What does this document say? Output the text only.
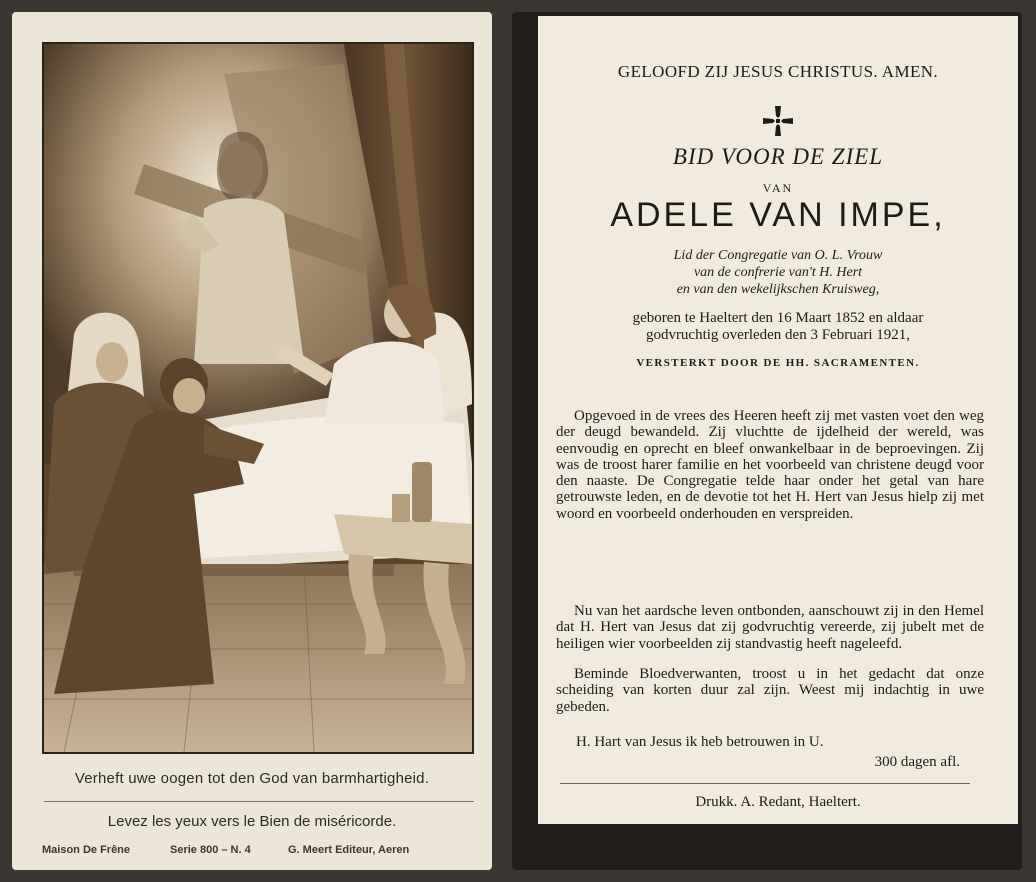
Verheft uwe oogen tot den God van barmhartigheid.
Levez les yeux vers le Bien de miséricorde.
Maison De Frêne	Serie 800 – N. 4	G. Meert Editeur, Aeren
GELOOFD ZIJ JESUS CHRISTUS. AMEN.
BID VOOR DE ZIEL
VAN
ADELE VAN IMPE,
Lid der Congregatie van O. L. Vrouw
van de confrerie van't H. Hert
en van den wekelijkschen Kruisweg,
geboren te Haeltert den 16 Maart 1852 en aldaar
godvruchtig overleden den 3 Februari 1921,
VERSTERKT DOOR DE HH. SACRAMENTEN.
Opgevoed in de vrees des Heeren heeft zij met vasten voet den weg der deugd bewandeld. Zij vluchtte de ijdelheid der wereld, was eenvoudig en oprecht en bleef onwankelbaar in de beproevingen. Zij was de troost harer familie en het voorbeeld van christene deugd voor den naaste. De Congregatie telde haar onder het getal van hare getrouwste leden, en de devotie tot het H. Hert van Jesus hielp zij met woord en voorbeeld onderhouden en verspreiden.
Nu van het aardsche leven ontbonden, aanschouwt zij in den Hemel dat H. Hert van Jesus dat zij godvruchtig vereerde, zij jubelt met de heiligen wier voorbeelden zij standvastig heeft nageleefd.
Beminde Bloedverwanten, troost u in het gedacht dat onze scheiding van korten duur zal zijn. Weest mij indachtig in uwe gebeden.
H. Hart van Jesus ik heb betrouwen in U.
300 dagen afl.
Drukk. A. Redant, Haeltert.
